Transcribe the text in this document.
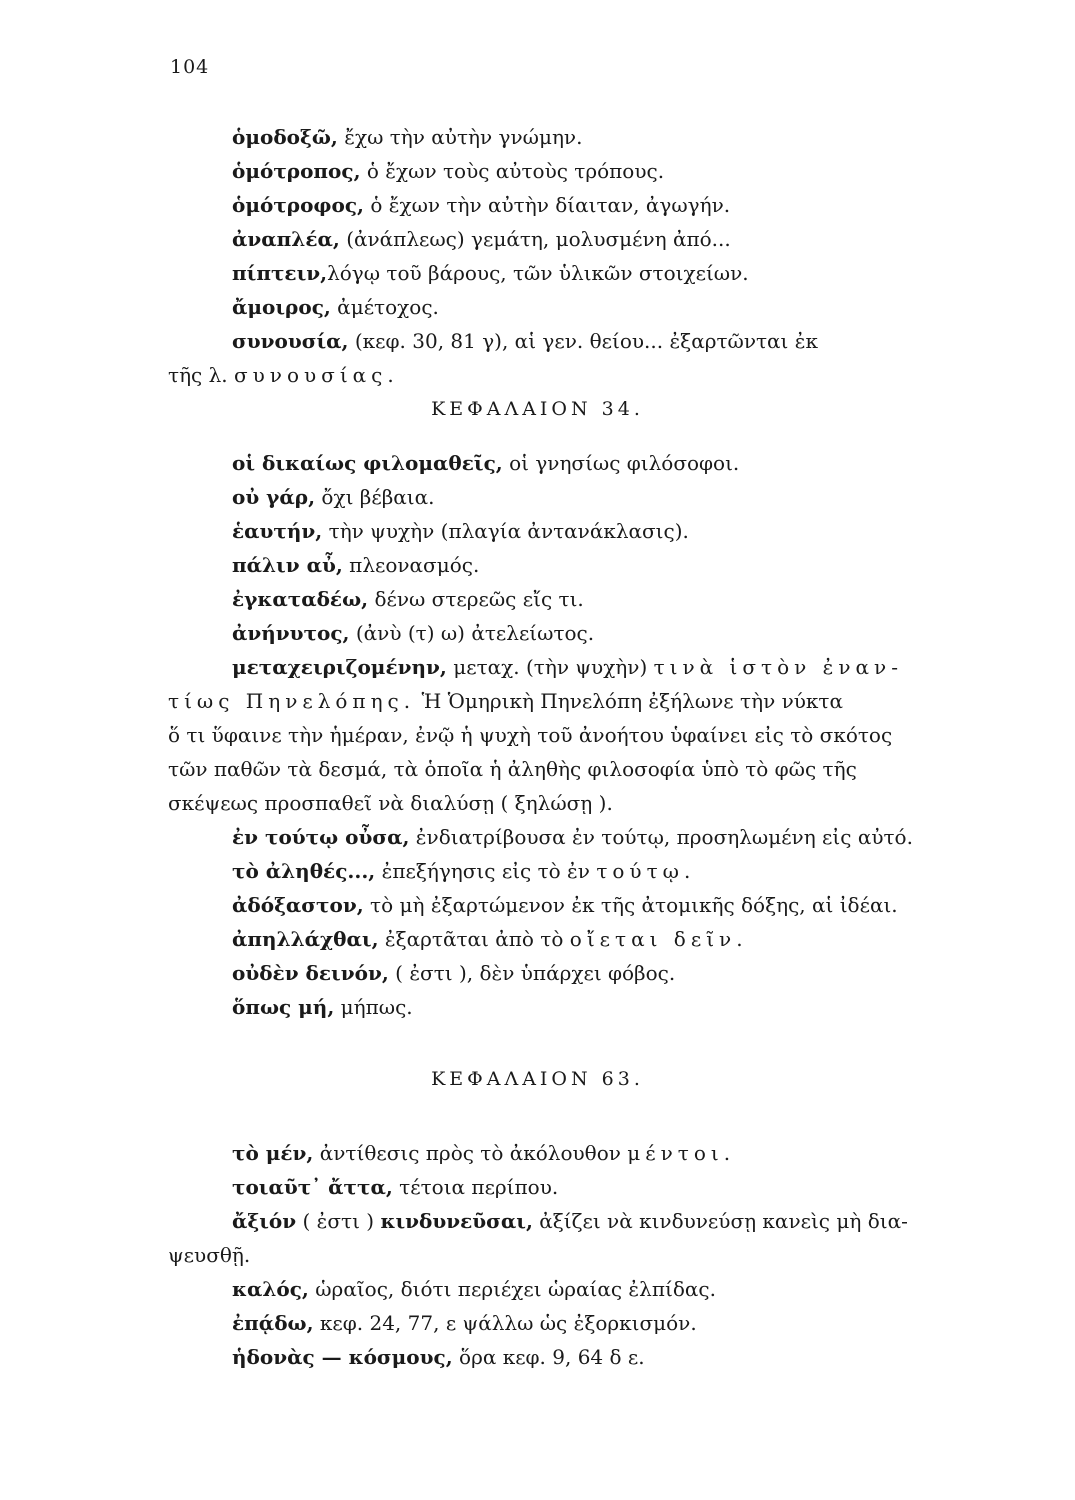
104
ὁμοδοξῶ, ἔχω τὴν αὐτὴν γνώμην.
ὁμότροπος, ὁ ἔχων τοὺς αὐτοὺς τρόπους.
ὁμότροφος, ὁ ἔχων τὴν αὐτὴν δίαιταν, ἀγωγήν.
ἀναπλέα, (ἀνάπλεως) γεμάτη, μολυσμένη ἀπό...
πίπτειν,λόγῳ τοῦ βάρους, τῶν ὑλικῶν στοιχείων.
ἄμοιρος, ἀμέτοχος.
συνουσία, (κεφ. 30, 81 γ), αἱ γεν. θείου... ἐξαρτῶνται ἐκ
τῆς λ. συνουσίας.
ΚΕΦΑΛΑΙΟΝ 34.
οἱ δικαίως φιλομαθεῖς, οἱ γνησίως φιλόσοφοι.
οὐ γάρ, ὄχι βέβαια.
ἑαυτήν, τὴν ψυχὴν (πλαγία ἀντανάκλασις).
πάλιν αὖ, πλεονασμός.
ἐγκαταδέω, δένω στερεῶς εἴς τι.
ἀνήνυτος, (ἀνὺ (τ) ω) ἀτελείωτος.
μεταχειριζομένην, μεταχ. (τὴν ψυχὴν) τινὰ ἱστὸν ἐναν-
τίως Πηνελόπης. Ἡ Ὁμηρικὴ Πηνελόπη ἐξήλωνε τὴν νύκτα
ὅ τι ὕφαινε τὴν ἡμέραν, ἐνῷ ἡ ψυχὴ τοῦ ἀνοήτου ὑφαίνει εἰς τὸ σκότος
τῶν παθῶν τὰ δεσμά, τὰ ὁποῖα ἡ ἀληθὴς φιλοσοφία ὑπὸ τὸ φῶς τῆς
σκέψεως προσπαθεῖ νὰ διαλύσῃ ( ξηλώσῃ ).
ἐν τούτῳ οὖσα, ἐνδιατρίβουσα ἐν τούτῳ, προσηλωμένη εἰς αὐτό.
τὸ ἀληθές..., ἐπεξήγησις εἰς τὸ ἐν τούτῳ.
ἀδόξαστον, τὸ μὴ ἐξαρτώμενον ἐκ τῆς ἀτομικῆς δόξης, αἱ ἰδέαι.
ἀπηλλάχθαι, ἐξαρτᾶται ἀπὸ τὸ οἴεται δεῖν.
οὐδὲν δεινόν, ( ἐστι ), δὲν ὑπάρχει φόβος.
ὅπως μή, μήπως.
ΚΕΦΑΛΑΙΟΝ 63.
τὸ μέν, ἀντίθεσις πρὸς τὸ ἀκόλουθον μέντοι.
τοιαῦτ᾽ ἄττα, τέτοια περίπου.
ἄξιόν ( ἐστι ) κινδυνεῦσαι, ἀξίζει νὰ κινδυνεύσῃ κανεὶς μὴ δια-
ψευσθῇ.
καλός, ὡραῖος, διότι περιέχει ὡραίας ἐλπίδας.
ἐπᾴδω, κεφ. 24, 77, ε ψάλλω ὡς ἐξορκισμόν.
ἡδονὰς — κόσμους, ὅρα κεφ. 9, 64 δ ε.
